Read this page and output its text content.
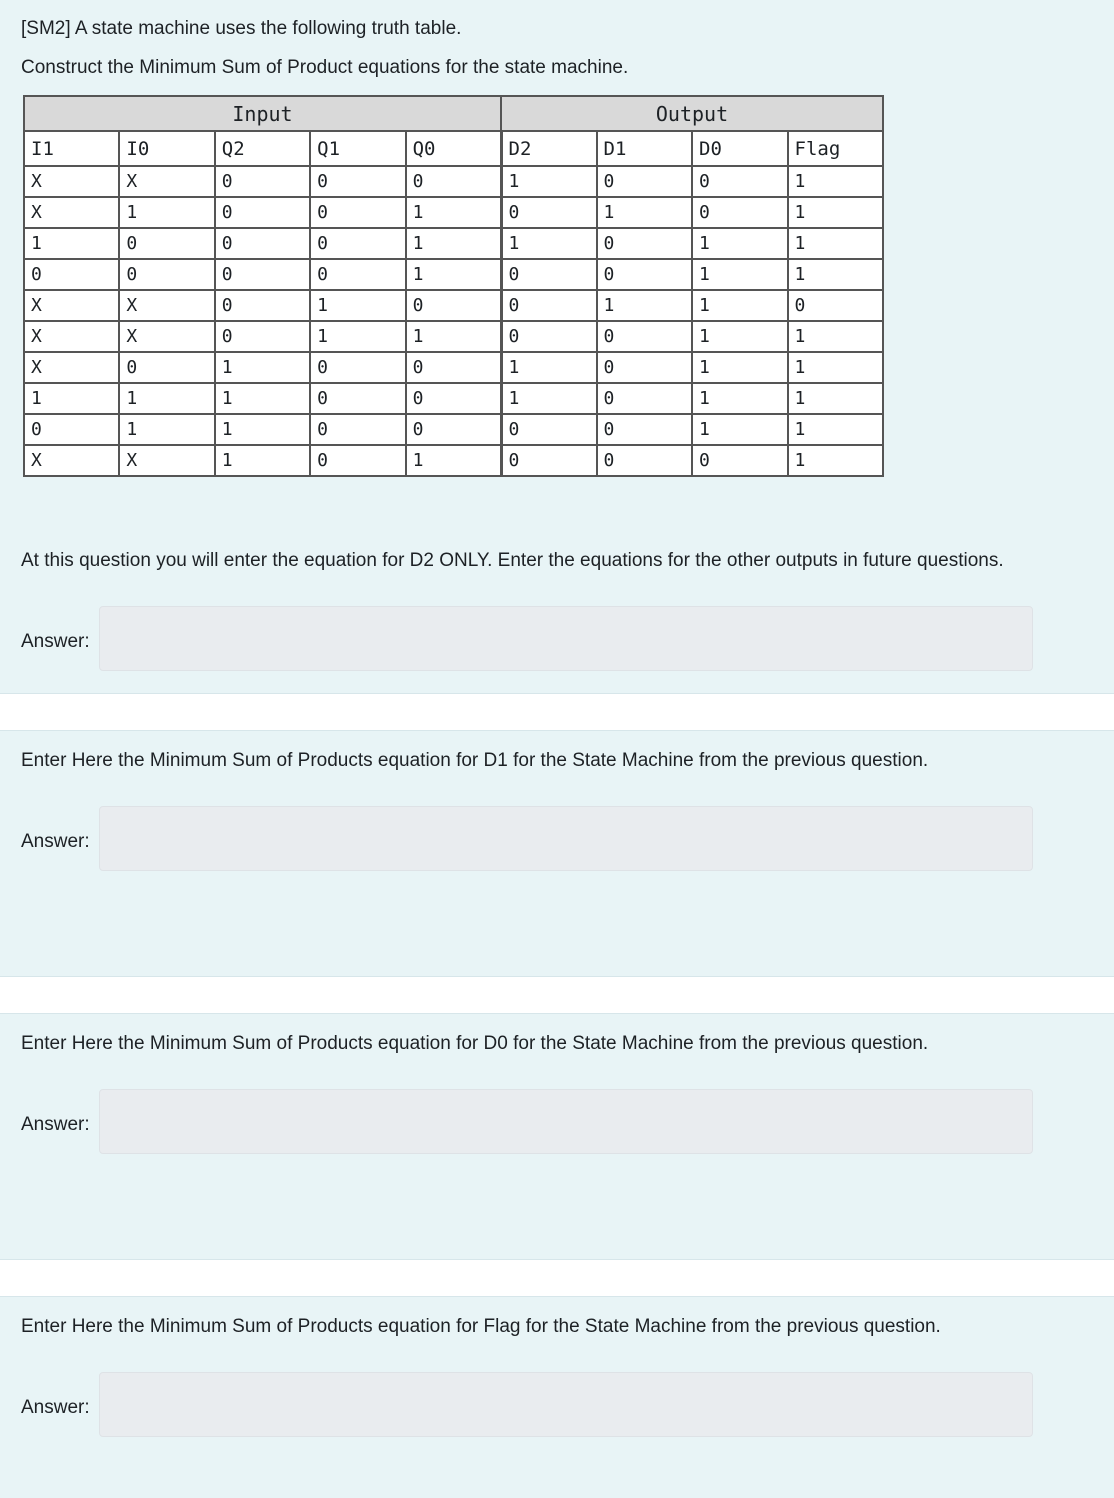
[SM2] A state machine uses the following truth table.
Construct the Minimum Sum of Product equations for the state machine.
Input					Output			
I1	I0	Q2	Q1	Q0	D2	D1	D0	Flag
X	X	0	0	0	1	0	0	1
X	1	0	0	1	0	1	0	1
1	0	0	0	1	1	0	1	1
0	0	0	0	1	0	0	1	1
X	X	0	1	0	0	1	1	0
X	X	0	1	1	0	0	1	1
X	0	1	0	0	1	0	1	1
1	1	1	0	0	1	0	1	1
0	1	1	0	0	0	0	1	1
X	X	1	0	1	0	0	0	1
At this question you will enter the equation for D2 ONLY. Enter the equations for the other outputs in future questions.
Answer:
Enter Here the Minimum Sum of Products equation for D1 for the State Machine from the previous question.
Answer:
Enter Here the Minimum Sum of Products equation for D0 for the State Machine from the previous question.
Answer:
Enter Here the Minimum Sum of Products equation for Flag for the State Machine from the previous question.
Answer:
